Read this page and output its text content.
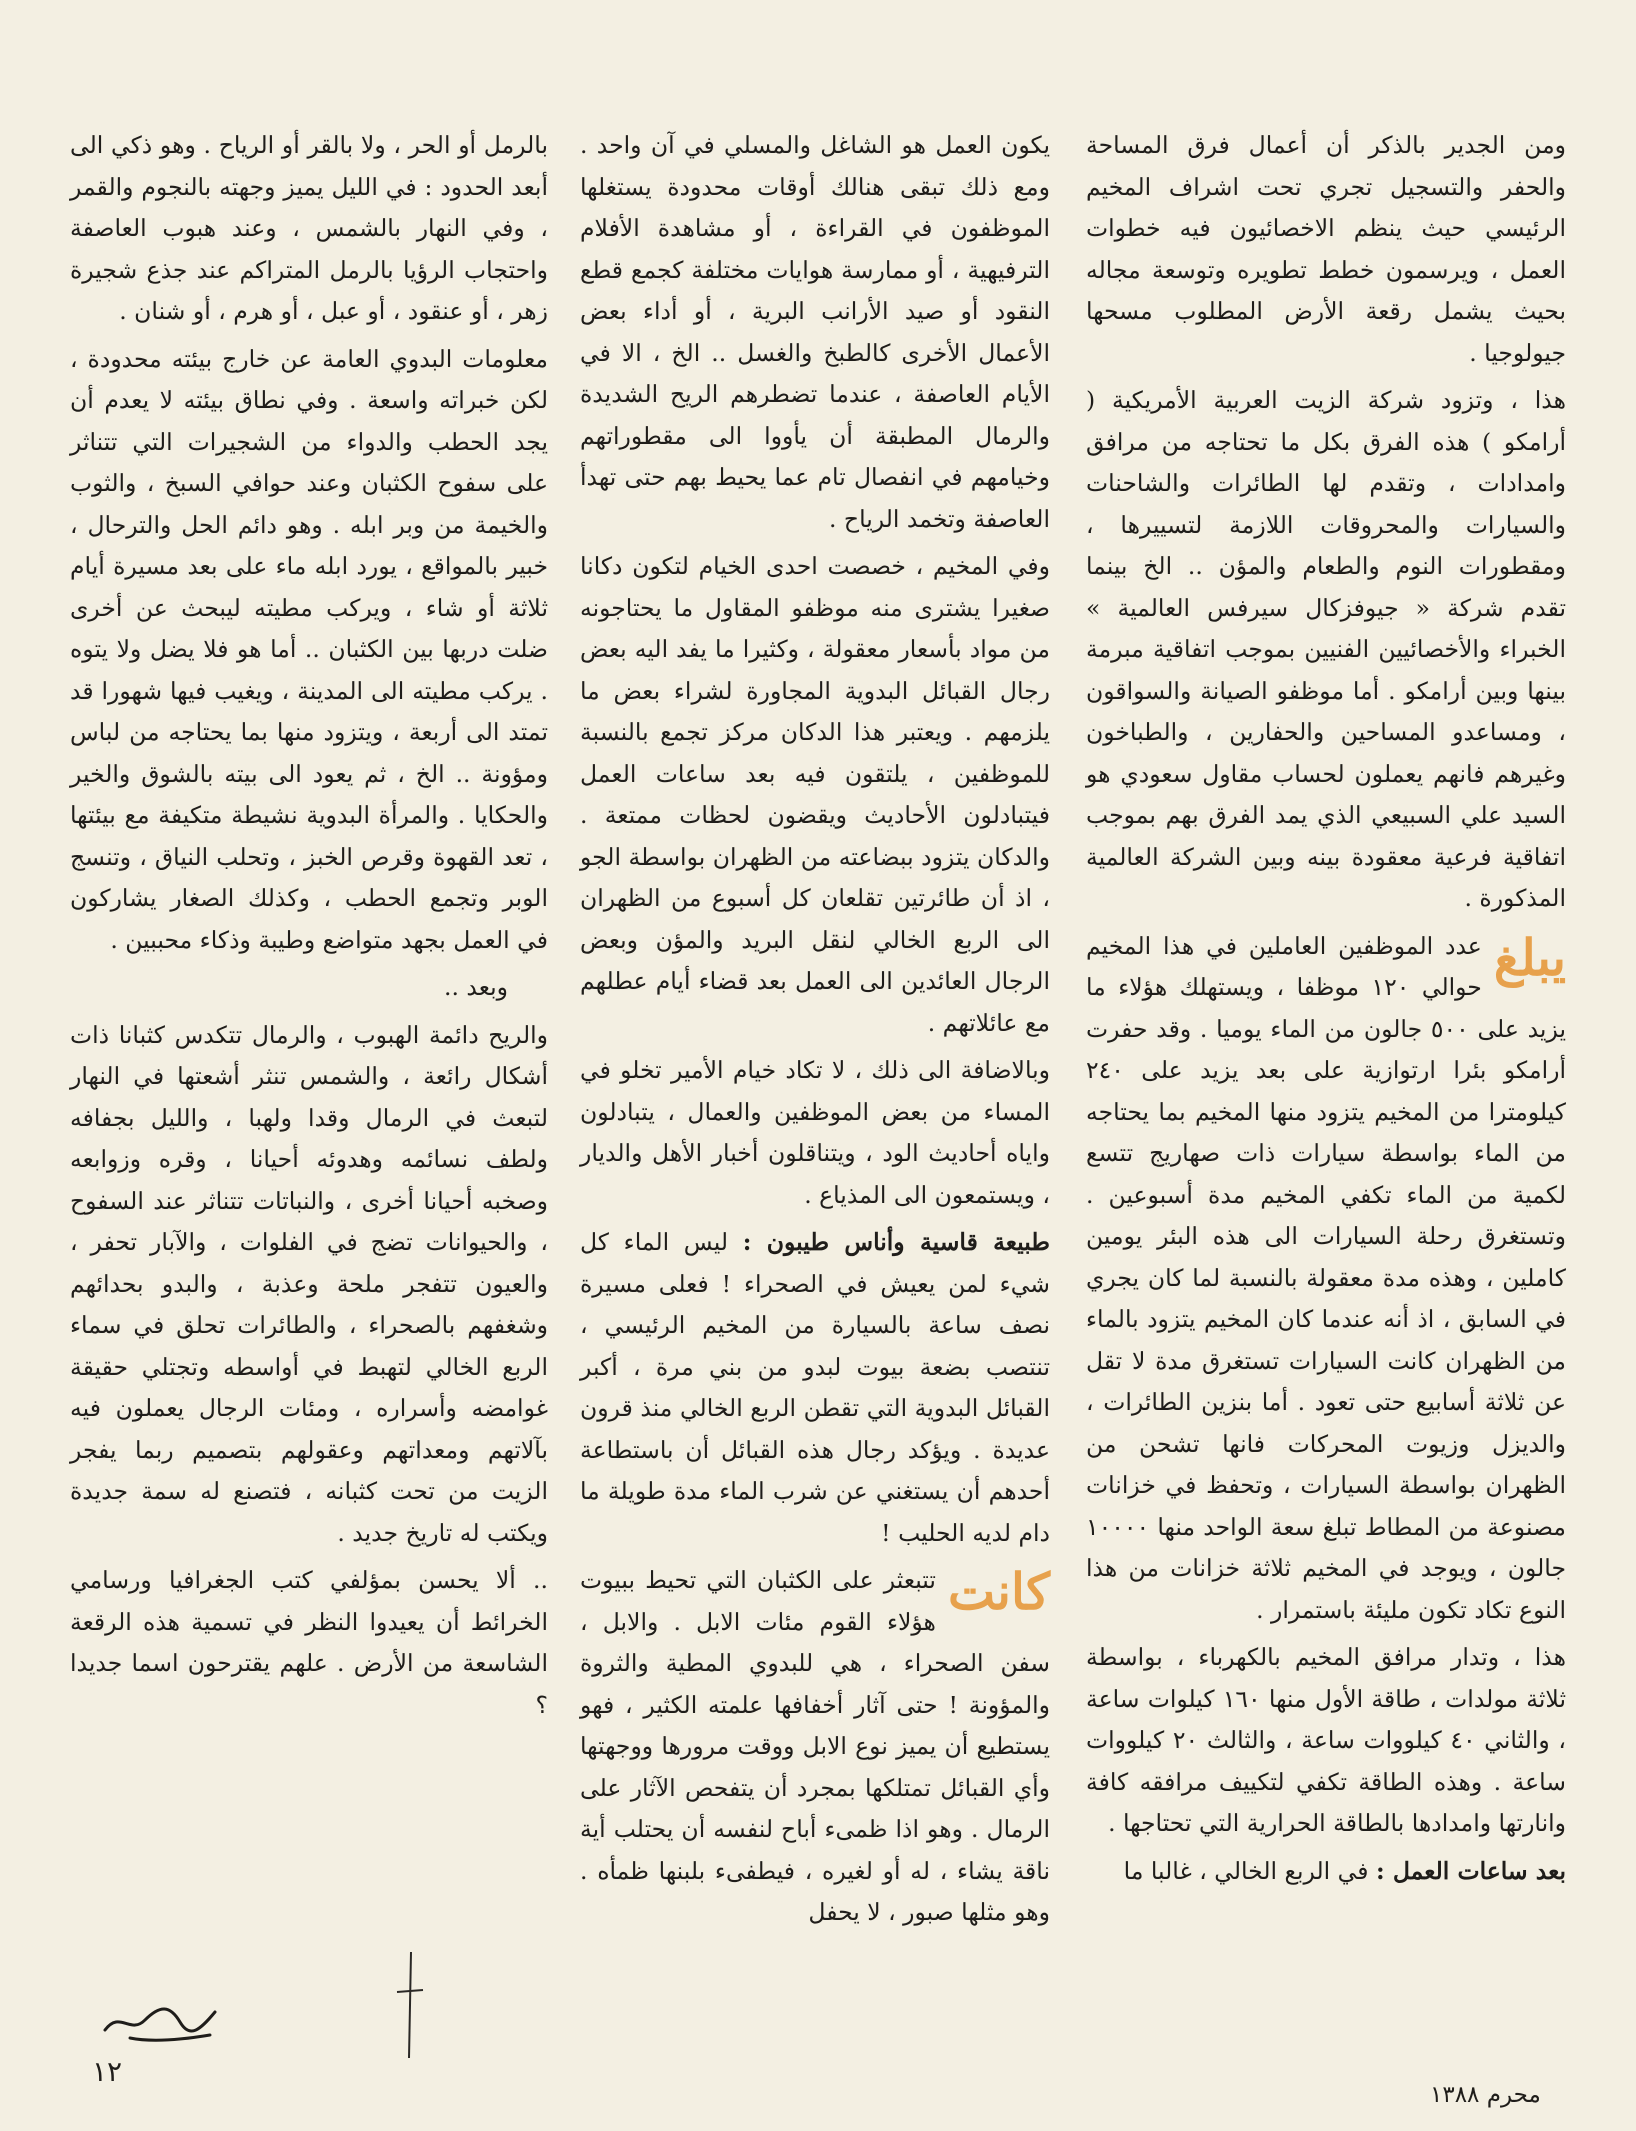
ومن الجدير بالذكر أن أعمال فرق المساحة والحفر والتسجيل تجري تحت اشراف المخيم الرئيسي حيث ينظم الاخصائيون فيه خطوات العمل ، ويرسمون خطط تطويره وتوسعة مجاله بحيث يشمل رقعة الأرض المطلوب مسحها جيولوجيا .

هذا ، وتزود شركة الزيت العربية الأمريكية ( أرامكو ) هذه الفرق بكل ما تحتاجه من مرافق وامدادات ، وتقدم لها الطائرات والشاحنات والسيارات والمحروقات اللازمة لتسييرها ، ومقطورات النوم والطعام والمؤن .. الخ بينما تقدم شركة « جيوفزكال سيرفس العالمية » الخبراء والأخصائيين الفنيين بموجب اتفاقية مبرمة بينها وبين أرامكو . أما موظفو الصيانة والسواقون ، ومساعدو المساحين والحفارين ، والطباخون وغيرهم فانهم يعملون لحساب مقاول سعودي هو السيد علي السبيعي الذي يمد الفرق بهم بموجب اتفاقية فرعية معقودة بينه وبين الشركة العالمية المذكورة .

يبلغ
عدد الموظفين العاملين في هذا المخيم حوالي ١٢٠ موظفا ، ويستهلك هؤلاء ما يزيد على ٥٠٠ جالون من الماء يوميا . وقد حفرت أرامكو بئرا ارتوازية على بعد يزيد على ٢٤٠ كيلومترا من المخيم يتزود منها المخيم بما يحتاجه من الماء بواسطة سيارات ذات صهاريج تتسع لكمية من الماء تكفي المخيم مدة أسبوعين . وتستغرق رحلة السيارات الى هذه البئر يومين كاملين ، وهذه مدة معقولة بالنسبة لما كان يجري في السابق ، اذ أنه عندما كان المخيم يتزود بالماء من الظهران كانت السيارات تستغرق مدة لا تقل عن ثلاثة أسابيع حتى تعود . أما بنزين الطائرات ، والديزل وزيوت المحركات فانها تشحن من الظهران بواسطة السيارات ، وتحفظ في خزانات مصنوعة من المطاط تبلغ سعة الواحد منها ١٠٠٠٠ جالون ، ويوجد في المخيم ثلاثة خزانات من هذا النوع تكاد تكون مليئة باستمرار .

هذا ، وتدار مرافق المخيم بالكهرباء ، بواسطة ثلاثة مولدات ، طاقة الأول منها ١٦٠ كيلوات ساعة ، والثاني ٤٠ كيلووات ساعة ، والثالث ٢٠ كيلووات ساعة . وهذه الطاقة تكفي لتكييف مرافقه كافة وانارتها وامدادها بالطاقة الحرارية التي تحتاجها .

بعد ساعات العمل : في الربع الخالي ، غالبا ما

يكون العمل هو الشاغل والمسلي في آن واحد . ومع ذلك تبقى هنالك أوقات محدودة يستغلها الموظفون في القراءة ، أو مشاهدة الأفلام الترفيهية ، أو ممارسة هوايات مختلفة كجمع قطع النقود أو صيد الأرانب البرية ، أو أداء بعض الأعمال الأخرى كالطبخ والغسل .. الخ ، الا في الأيام العاصفة ، عندما تضطرهم الريح الشديدة والرمال المطبقة أن يأووا الى مقطوراتهم وخيامهم في انفصال تام عما يحيط بهم حتى تهدأ العاصفة وتخمد الرياح .

وفي المخيم ، خصصت احدى الخيام لتكون دكانا صغيرا يشترى منه موظفو المقاول ما يحتاجونه من مواد بأسعار معقولة ، وكثيرا ما يفد اليه بعض رجال القبائل البدوية المجاورة لشراء بعض ما يلزمهم . ويعتبر هذا الدكان مركز تجمع بالنسبة للموظفين ، يلتقون فيه بعد ساعات العمل فيتبادلون الأحاديث ويقضون لحظات ممتعة . والدكان يتزود ببضاعته من الظهران بواسطة الجو ، اذ أن طائرتين تقلعان كل أسبوع من الظهران الى الربع الخالي لنقل البريد والمؤن وبعض الرجال العائدين الى العمل بعد قضاء أيام عطلهم مع عائلاتهم .

وبالاضافة الى ذلك ، لا تكاد خيام الأمير تخلو في المساء من بعض الموظفين والعمال ، يتبادلون واياه أحاديث الود ، ويتناقلون أخبار الأهل والديار ، ويستمعون الى المذياع .

طبيعة قاسية وأناس طيبون : ليس الماء كل شيء لمن يعيش في الصحراء ! فعلى مسيرة نصف ساعة بالسيارة من المخيم الرئيسي ، تنتصب بضعة بيوت لبدو من بني مرة ، أكبر القبائل البدوية التي تقطن الربع الخالي منذ قرون عديدة . ويؤكد رجال هذه القبائل أن باستطاعة أحدهم أن يستغني عن شرب الماء مدة طويلة ما دام لديه الحليب !

كانت
تتبعثر على الكثبان التي تحيط ببيوت هؤلاء القوم مئات الابل . والابل ، سفن الصحراء ، هي للبدوي المطية والثروة والمؤونة ! حتى آثار أخفافها علمته الكثير ، فهو يستطيع أن يميز نوع الابل ووقت مرورها ووجهتها وأي القبائل تمتلكها بمجرد أن يتفحص الآثار على الرمال . وهو اذا ظمىء أباح لنفسه أن يحتلب أية ناقة يشاء ، له أو لغيره ، فيطفىء بلبنها ظمأه . وهو مثلها صبور ، لا يحفل

بالرمل أو الحر ، ولا بالقر أو الرياح . وهو ذكي الى أبعد الحدود : في الليل يميز وجهته بالنجوم والقمر ، وفي النهار بالشمس ، وعند هبوب العاصفة واحتجاب الرؤيا بالرمل المتراكم عند جذع شجيرة زهر ، أو عنقود ، أو عبل ، أو هرم ، أو شنان .

معلومات البدوي العامة عن خارج بيئته محدودة ، لكن خبراته واسعة . وفي نطاق بيئته لا يعدم أن يجد الحطب والدواء من الشجيرات التي تتناثر على سفوح الكثبان وعند حوافي السبخ ، والثوب والخيمة من وبر ابله . وهو دائم الحل والترحال ، خبير بالمواقع ، يورد ابله ماء على بعد مسيرة أيام ثلاثة أو شاء ، ويركب مطيته ليبحث عن أخرى ضلت دربها بين الكثبان .. أما هو فلا يضل ولا يتوه . يركب مطيته الى المدينة ، ويغيب فيها شهورا قد تمتد الى أربعة ، ويتزود منها بما يحتاجه من لباس ومؤونة .. الخ ، ثم يعود الى بيته بالشوق والخير والحكايا . والمرأة البدوية نشيطة متكيفة مع بيئتها ، تعد القهوة وقرص الخبز ، وتحلب النياق ، وتنسج الوبر وتجمع الحطب ، وكذلك الصغار يشاركون في العمل بجهد متواضع وطيبة وذكاء محببين .

وبعد ..

والريح دائمة الهبوب ، والرمال تتكدس كثبانا ذات أشكال رائعة ، والشمس تنثر أشعتها في النهار لتبعث في الرمال وقدا ولهبا ، والليل بجفافه ولطف نسائمه وهدوئه أحيانا ، وقره وزوابعه وصخبه أحيانا أخرى ، والنباتات تتناثر عند السفوح ، والحيوانات تضج في الفلوات ، والآبار تحفر ، والعيون تتفجر ملحة وعذبة ، والبدو بحدائهم وشغفهم بالصحراء ، والطائرات تحلق في سماء الربع الخالي لتهبط في أواسطه وتجتلي حقيقة غوامضه وأسراره ، ومئات الرجال يعملون فيه بآلاتهم ومعداتهم وعقولهم بتصميم ربما يفجر الزيت من تحت كثبانه ، فتصنع له سمة جديدة ويكتب له تاريخ جديد .

.. ألا يحسن بمؤلفي كتب الجغرافيا ورسامي الخرائط أن يعيدوا النظر في تسمية هذه الرقعة الشاسعة من الأرض . علهم يقترحون اسما جديدا ؟

١٢
محرم ١٣٨٨
